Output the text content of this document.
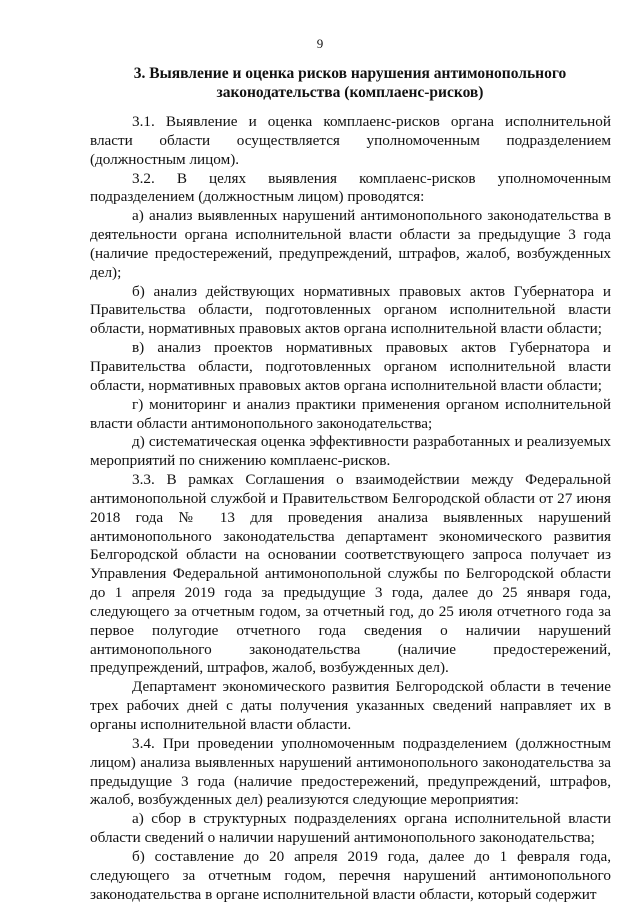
9
3. Выявление и оценка рисков нарушения антимонопольного
законодательства (комплаенс-рисков)

3.1. Выявление и оценка комплаенс-рисков органа исполнительной власти области осуществляется уполномоченным подразделением (должностным лицом).

3.2. В целях выявления комплаенс-рисков уполномоченным подразделением (должностным лицом) проводятся:

а) анализ выявленных нарушений антимонопольного законодательства в деятельности органа исполнительной власти области за предыдущие 3 года (наличие предостережений, предупреждений, штрафов, жалоб, возбужденных дел);

б) анализ действующих нормативных правовых актов Губернатора и Правительства области, подготовленных органом исполнительной власти области, нормативных правовых актов органа исполнительной власти области;

в) анализ проектов нормативных правовых актов Губернатора и Правительства области, подготовленных органом исполнительной власти области, нормативных правовых актов органа исполнительной власти области;

г) мониторинг и анализ практики применения органом исполнительной власти области антимонопольного законодательства;

д) систематическая оценка эффективности разработанных и реализуемых мероприятий по снижению комплаенс-рисков.

3.3. В рамках Соглашения о взаимодействии между Федеральной антимонопольной службой и Правительством Белгородской области от 27 июня 2018 года № 13 для проведения анализа выявленных нарушений антимонопольного законодательства департамент экономического развития Белгородской области на основании соответствующего запроса получает из Управления Федеральной антимонопольной службы по Белгородской области до 1 апреля 2019 года за предыдущие 3 года, далее до 25 января года, следующего за отчетным годом, за отчетный год, до 25 июля отчетного года за первое полугодие отчетного года сведения о наличии нарушений антимонопольного законодательства (наличие предостережений, предупреждений, штрафов, жалоб, возбужденных дел).

Департамент экономического развития Белгородской области в течение трех рабочих дней с даты получения указанных сведений направляет их в органы исполнительной власти области.

3.4. При проведении уполномоченным подразделением (должностным лицом) анализа выявленных нарушений антимонопольного законодательства за предыдущие 3 года (наличие предостережений, предупреждений, штрафов, жалоб, возбужденных дел) реализуются следующие мероприятия:

а) сбор в структурных подразделениях органа исполнительной власти области сведений о наличии нарушений антимонопольного законодательства;

б) составление до 20 апреля 2019 года, далее до 1 февраля года, следующего за отчетным годом, перечня нарушений антимонопольного законодательства в органе исполнительной власти области, который содержит
